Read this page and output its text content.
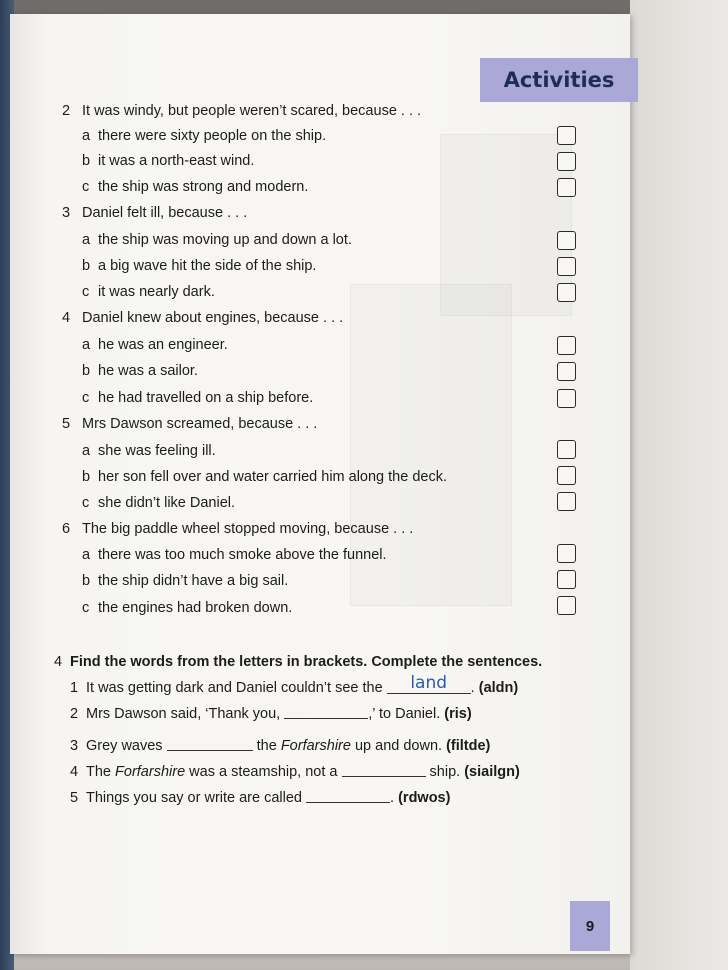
Activities
2 It was windy, but people weren’t scared, because . . .
a there were sixty people on the ship.
b it was a north-east wind.
c the ship was strong and modern.
3 Daniel felt ill, because . . .
a the ship was moving up and down a lot.
b a big wave hit the side of the ship.
c it was nearly dark.
4 Daniel knew about engines, because . . .
a he was an engineer.
b he was a sailor.
c he had travelled on a ship before.
5 Mrs Dawson screamed, because . . .
a she was feeling ill.
b her son fell over and water carried him along the deck.
c she didn’t like Daniel.
6 The big paddle wheel stopped moving, because . . .
a there was too much smoke above the funnel.
b the ship didn’t have a big sail.
c the engines had broken down.
4 Find the words from the letters in brackets. Complete the sentences.
1 It was getting dark and Daniel couldn’t see the land . (aldn)
2 Mrs Dawson said, ‘Thank you,	,’ to Daniel. (ris)
3 Grey waves	the Forfarshire up and down. (filtde)
4 The Forfarshire was a steamship, not a	ship. (siailgn)
5 Things you say or write are called	. (rdwos)
9
